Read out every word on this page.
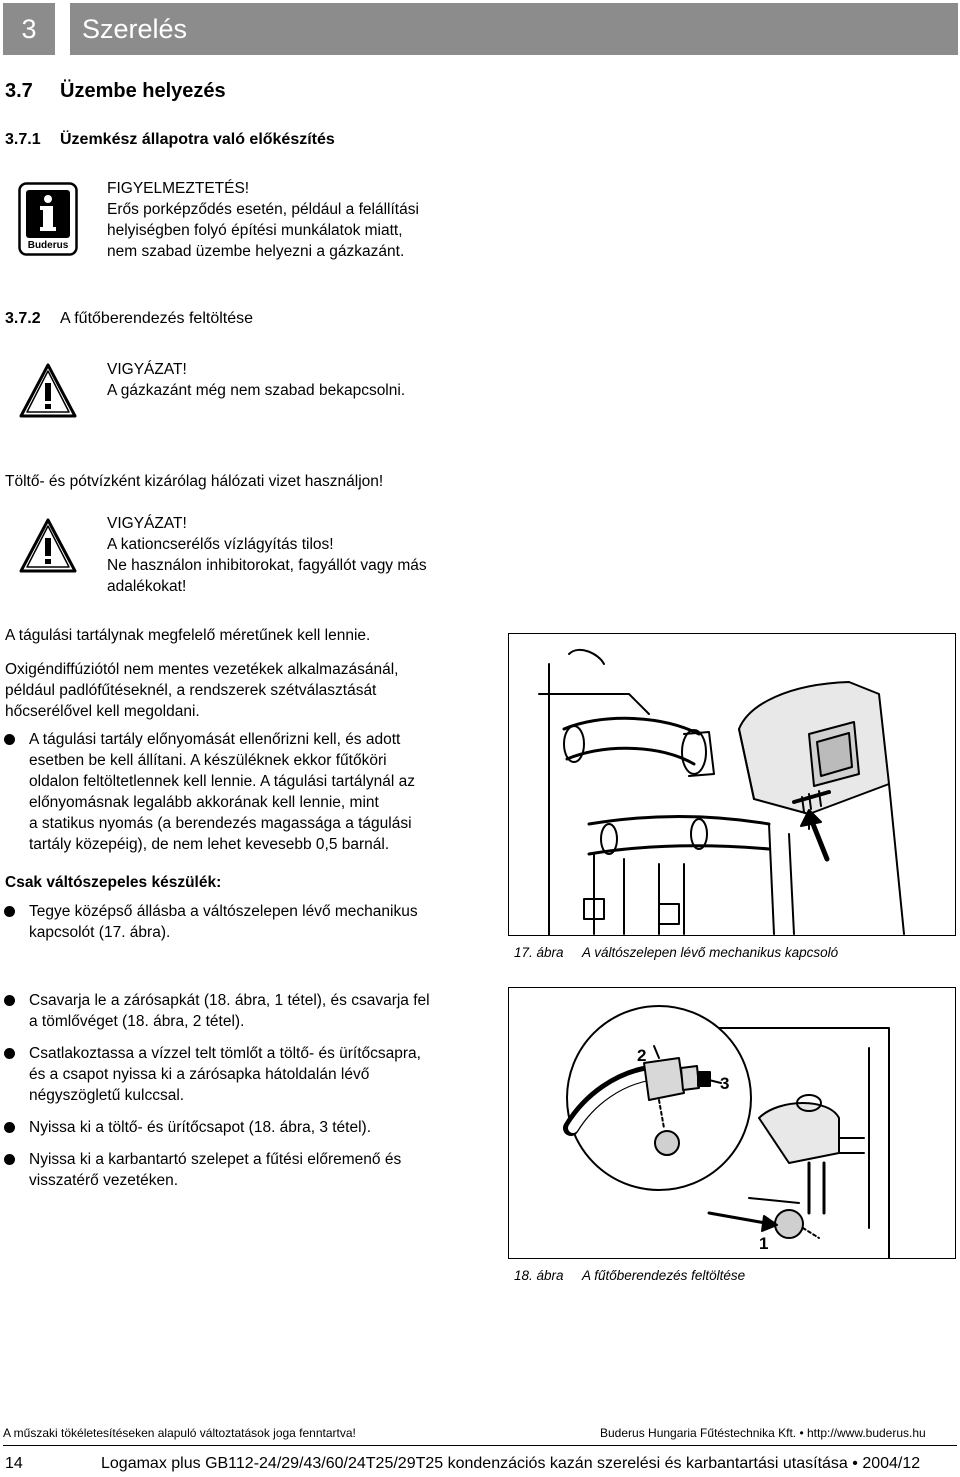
3	Szerelés
3.7 Üzembe helyezés
3.7.1 Üzemkész állapotra való előkészítés
Buderus
FIGYELMEZTETÉS!
Erős porképződés esetén, például a felállítási
helyiségben folyó építési munkálatok miatt,
nem szabad üzembe helyezni a gázkazánt.
3.7.2 A fűtőberendezés feltöltése
VIGYÁZAT!
A gázkazánt még nem szabad bekapcsolni.
Töltő- és pótvízként kizárólag hálózati vizet használjon!
VIGYÁZAT!
A kationcserélős vízlágyítás tilos!
Ne használon inhibitorokat, fagyállót vagy más
adalékokat!
A tágulási tartálynak megfelelő méretűnek kell lennie.
Oxigéndiffúziótól nem mentes vezetékek alkalmazásánál,
például padlófűtéseknél, a rendszerek szétválasztását
hőcserélővel kell megoldani.
A tágulási tartály előnyomását ellenőrizni kell, és adott
esetben be kell állítani. A készüléknek ekkor fűtőköri
oldalon feltöltetlennek kell lennie. A tágulási tartálynál az
előnyomásnak legalább akkorának kell lennie, mint
a statikus nyomás (a berendezés magassága a tágulási
tartály közepéig), de nem lehet kevesebb 0,5 barnál.
Csak váltószepeles készülék:
Tegye középső állásba a váltószelepen lévő mechanikus
kapcsolót (17. ábra).
17. ábra A váltószelepen lévő mechanikus kapcsoló
Csavarja le a zárósapkát (18. ábra, 1 tétel), és csavarja fel
a tömlővéget (18. ábra, 2 tétel).
Csatlakoztassa a vízzel telt tömlőt a töltő- és ürítőcsapra,
és a csapot nyissa ki a zárósapka hátoldalán lévő
négyszögletű kulccsal.
Nyissa ki a töltő- és ürítőcsapot (18. ábra, 3 tétel).
Nyissa ki a karbantartó szelepet a fűtési előremenő és
visszatérő vezetéken.
2
3
1
18. ábra A fűtőberendezés feltöltése
A műszaki tökéletesítéseken alapuló változtatások joga fenntartva!	Buderus Hungaria Fűtéstechnika Kft. • http://www.buderus.hu
14	Logamax plus GB112-24/29/43/60/24T25/29T25 kondenzációs kazán szerelési és karbantartási utasítása • 2004/12
